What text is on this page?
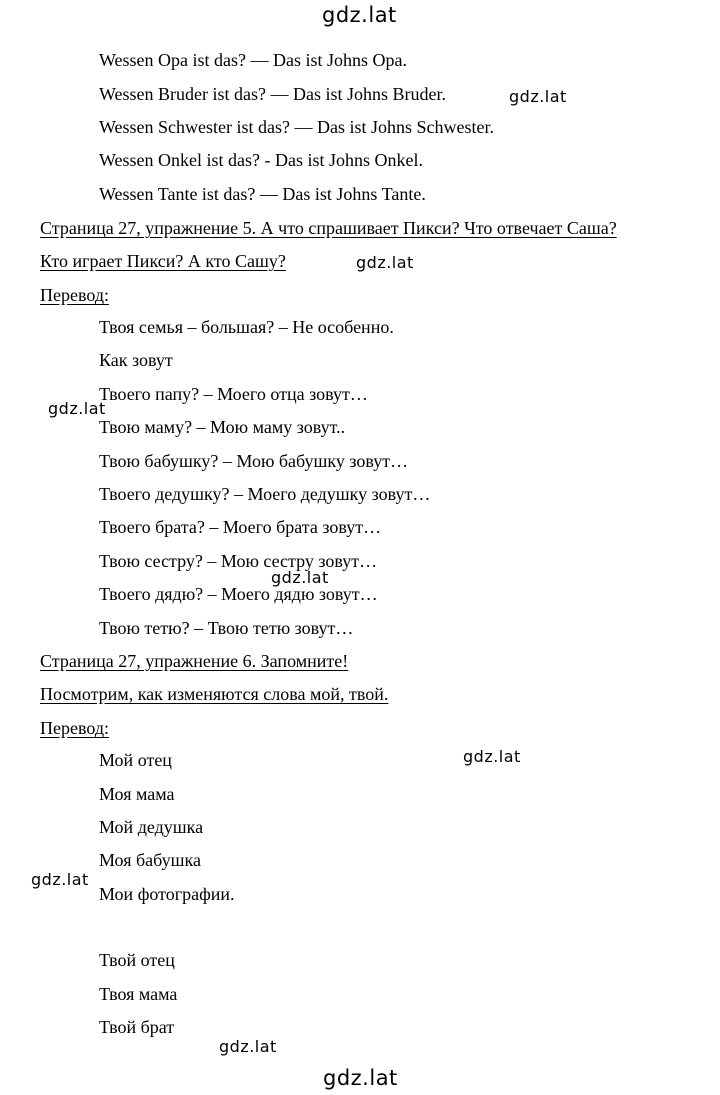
gdz.lat
gdz.lat
gdz.lat
gdz.lat
gdz.lat
gdz.lat
gdz.lat
gdz.lat
gdz.lat
Wessen Opa ist das? — Das ist Johns Opa.
Wessen Bruder ist das? — Das ist Johns Bruder.
Wessen Schwester ist das? — Das ist Johns Schwester.
Wessen Onkel ist das? - Das ist Johns Onkel.
Wessen Tante ist das? — Das ist Johns Tante.
Страница 27, упражнение 5. А что спрашивает Пикси? Что отвечает Саша?
Кто играет Пикси? А кто Сашу?
Перевод:
Твоя семья – большая? – Не особенно.
Как зовут
Твоего папу? – Моего отца зовут…
Твою маму? – Мою маму зовут..
Твою бабушку? – Мою бабушку зовут…
Твоего дедушку? – Моего дедушку зовут…
Твоего брата? – Моего брата зовут…
Твою сестру? – Мою сестру зовут…
Твоего дядю? – Моего дядю зовут…
Твою тетю? – Твою тетю зовут…
Страница 27, упражнение 6. Запомните!
Посмотрим, как изменяются слова мой, твой.
Перевод:
Мой отец
Моя мама
Мой дедушка
Моя бабушка
Мои фотографии.
Твой отец
Твоя мама
Твой брат
